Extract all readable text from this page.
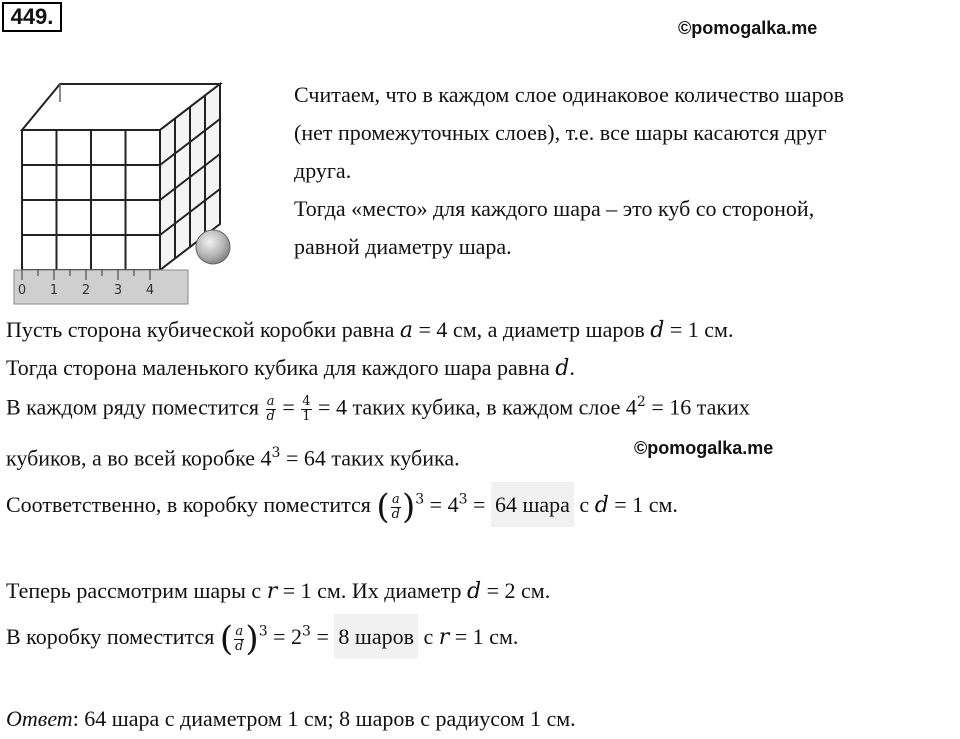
449.	©pomogalka.me
0 1 2 3 4
Считаем, что в каждом слое одинаковое количество шаров
(нет промежуточных слоев), т.е. все шары касаются друг
друга.
Тогда «место» для каждого шара – это куб со стороной,
равной диаметру шара.
Пусть сторона кубической коробки равна a = 4 см, а диаметр шаров d = 1 см.
Тогда сторона маленького кубика для каждого шара равна d.
В каждом ряду поместится $\frac{a}{d} = \frac{4}{1} = 4$ таких кубика, в каждом слое $4^2 = 16$ таких
кубиков, а во всей коробке $4^3 = 64$ таких кубика.	©pomogalka.me
Соответственно, в коробку поместится ( $\frac{a}{d} )^3 = 4^3 = 64$ шара с d = 1 см.
Теперь рассмотрим шары с r = 1 см. Их диаметр d = 2 см.
В коробку поместится ( $\frac{a}{d} )^3 = 2^3 = 8$ шаров с r = 1 см.
Ответ: 64 шара с диаметром 1 см; 8 шаров с радиусом 1 см.
